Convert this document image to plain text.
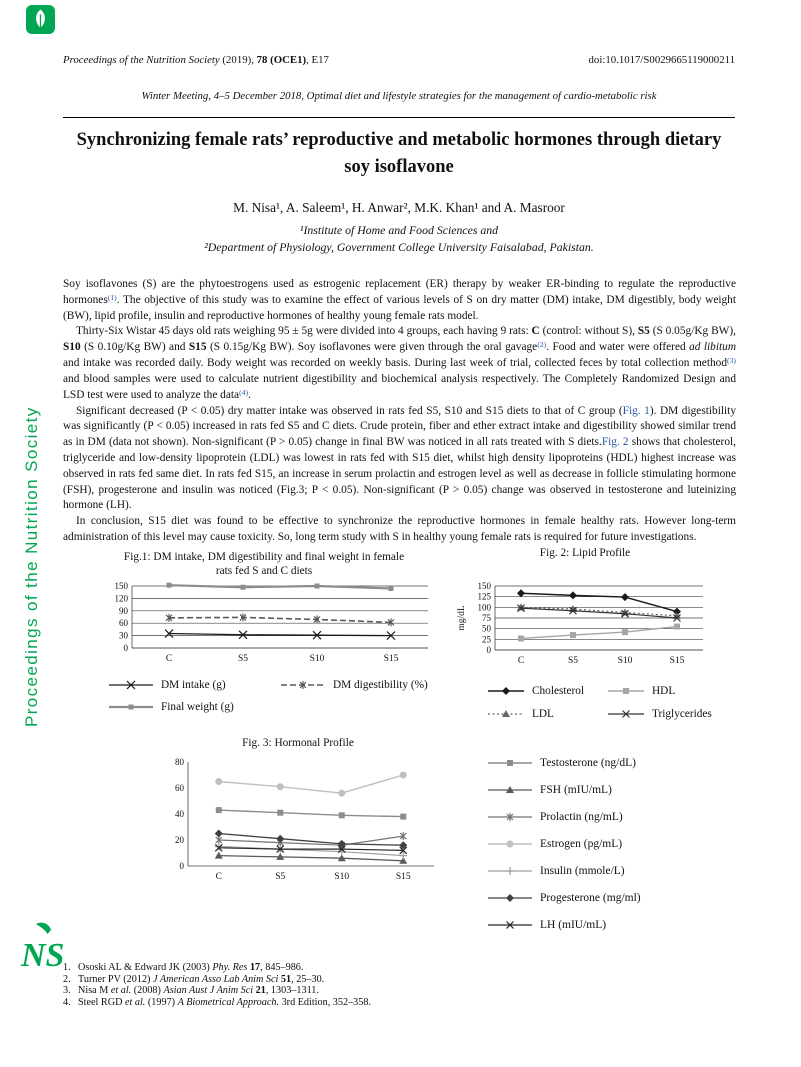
Proceedings of the Nutrition Society
NS
Proceedings of the Nutrition Society (2019), 78 (OCE1), E17	doi:10.1017/S0029665119000211
Winter Meeting, 4–5 December 2018, Optimal diet and lifestyle strategies for the management of cardio-metabolic risk
Synchronizing female rats’ reproductive and metabolic hormones through dietary soy isoflavone
M. Nisa¹, A. Saleem¹, H. Anwar², M.K. Khan¹ and A. Masroor
¹Institute of Home and Food Sciences and
²Department of Physiology, Government College University Faisalabad, Pakistan.

Soy isoflavones (S) are the phytoestrogens used as estrogenic replacement (ER) therapy by weaker ER-binding to regulate the reproductive hormones$^{(1)}$. The objective of this study was to examine the effect of various levels of S on dry matter (DM) intake, DM digestibly, body weight (BW), lipid profile, insulin and reproductive hormones of healthy young female rats model.

Thirty-Six Wistar 45 days old rats weighing 95 ± 5g were divided into 4 groups, each having 9 rats: C (control: without S), S5 (S 0.05g/Kg BW), S10 (S 0.10g/Kg BW) and S15 (S 0.15g/Kg BW). Soy isoflavones were given through the oral gavage$^{(2)}$. Food and water were offered ad libitum and intake was recorded daily. Body weight was recorded on weekly basis. During last week of trial, collected feces by total collection method$^{(3)}$ and blood samples were used to calculate nutrient digestibility and biochemical analysis respectively. The Completely Randomized Design and LSD test were used to analyze the data$^{(4)}$.

Significant decreased (P < 0.05) dry matter intake was observed in rats fed S5, S10 and S15 diets to that of C group (Fig. 1). DM digestibility was significantly (P < 0.05) increased in rats fed S5 and C diets. Crude protein, fiber and ether extract intake and digestibility showed similar trend as in DM (data not shown). Non-significant (P > 0.05) change in final BW was noticed in all rats treated with S diets.Fig. 2 shows that cholesterol, triglyceride and low-density lipoprotein (LDL) was lowest in rats fed with S15 diet, whilst high density lipoproteins (HDL) highest increase was observed in rats fed same diet. In rats fed S15, an increase in serum prolactin and estrogen level as well as decrease in follicle stimulating hormone (FSH), progesterone and insulin was noticed (Fig.3; P < 0.05). Non-significant (P > 0.05) change was observed in testosterone and luteinizing hormone (LH).

In conclusion, S15 diet was found to be effective to synchronize the reproductive hormones in female healthy rats. However long-term administration of this level may cause toxicity. So, long term study with S in healthy young female rats is required for future investigations.

Fig.1: DM intake, DM digestibility and final weight in female rats fed S and C diets
0
30
60
90
120
150
C	S5	S10	S15
DM intake (g)	DM digestibility (%)
Final weight (g)
Fig. 2: Lipid Profile
0
25
50
75
100
125
150
C	S5	S10	S15
mg/dL
Cholesterol	HDL
LDL	Triglycerides
Fig. 3: Hormonal Profile
0
20
40
60
80
C	S5	S10	S15
Testosterone (ng/dL)
FSH (mIU/mL)
Prolactin (ng/mL)
Estrogen (pg/mL)
Insulin (mmole/L)
Progesterone (mg/ml)
LH (mIU/mL)
1. Ososki AL & Edward JK (2003) Phy. Res 17, 845–986.
2. Turner PV (2012) J American Asso Lab Anim Sci 51, 25–30.
3. Nisa M et al. (2008) Asian Aust J Anim Sci 21, 1303–1311.
4. Steel RGD et al. (1997) A Biometrical Approach. 3rd Edition, 352–358.
